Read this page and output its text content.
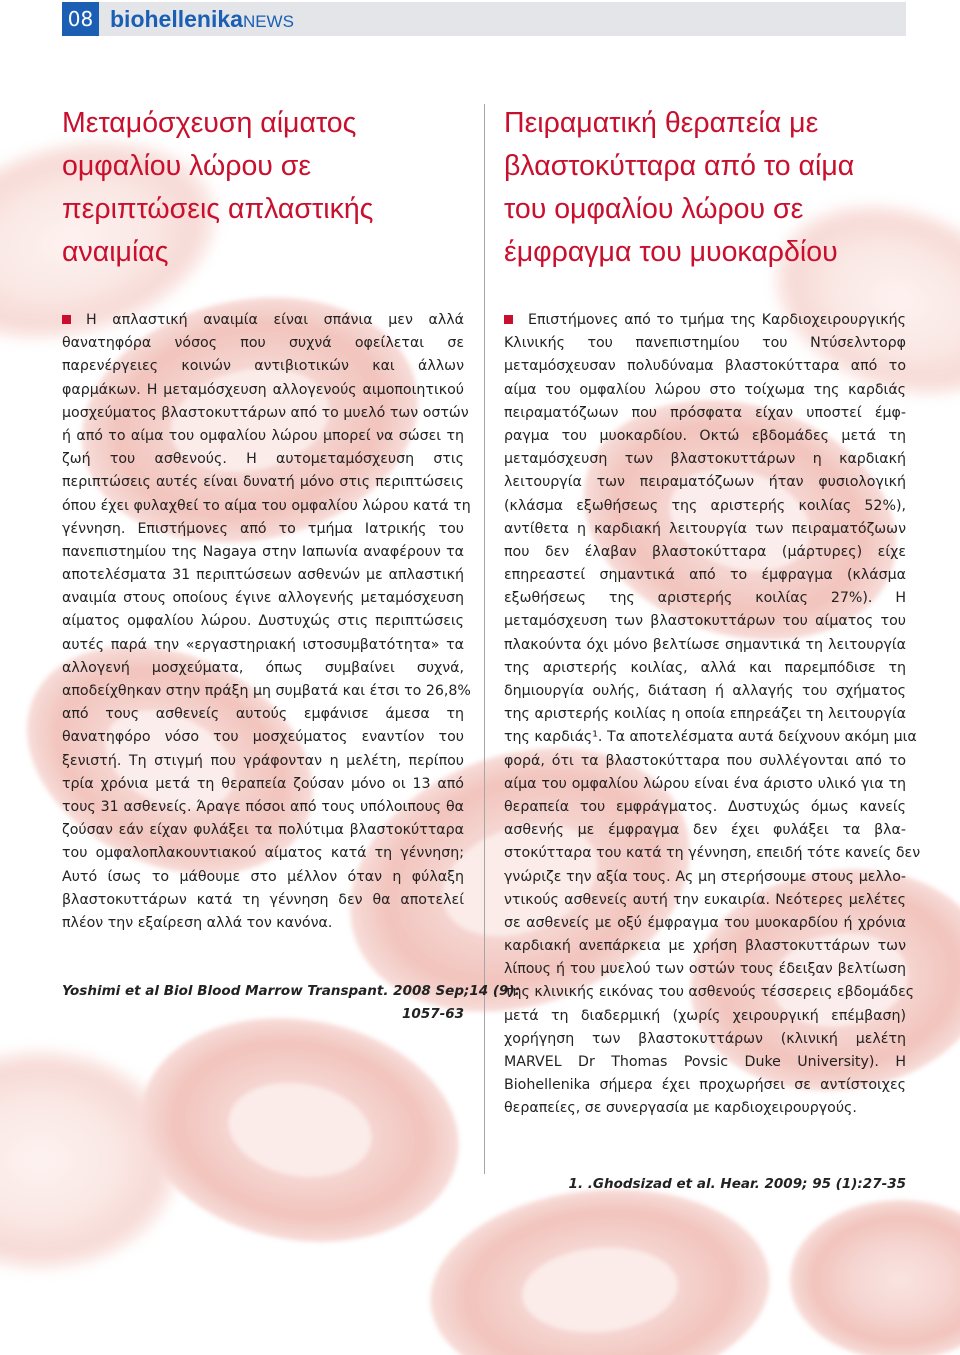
08 biohellenikaNEWS
Μεταμόσχευση αίματος
ομφαλίου λώρου σε
περιπτώσεις απλαστικής
αναιμίας
Πειραματική θεραπεία με
βλαστοκύτταρα από το αίμα
του ομφαλίου λώρου σε
έμφραγμα του μυοκαρδίου
Η απλαστική αναιμία είναι σπάνια μεν αλλά
θανατηφόρα νόσος που συχνά οφείλεται σε
παρενέργειες κοινών αντιβιοτικών και άλλων
φαρμάκων. Η μεταμόσχευση αλλογενούς αιμοποιητικού
μοσχεύματος βλαστοκυττάρων από το μυελό των οστών
ή από το αίμα του ομφαλίου λώρου μπορεί να σώσει τη
ζωή του ασθενούς. Η αυτομεταμόσχευση στις
περιπτώσεις αυτές είναι δυνατή μόνο στις περιπτώσεις
όπου έχει φυλαχθεί το αίμα του ομφαλίου λώρου κατά τη
γέννηση. Επιστήμονες από το τμήμα Ιατρικής του
πανεπιστημίου της Nagaya στην Ιαπωνία αναφέρουν τα
αποτελέσματα 31 περιπτώσεων ασθενών με απλαστική
αναιμία στους οποίους έγινε αλλογενής μεταμόσχευση
αίματος ομφαλίου λώρου. Δυστυχώς στις περιπτώσεις
αυτές παρά την «εργαστηριακή ιστοσυμβατότητα» τα
αλλογενή μοσχεύματα, όπως συμβαίνει συχνά,
αποδείχθηκαν στην πράξη μη συμβατά και έτσι το 26,8%
από τους ασθενείς αυτούς εμφάνισε άμεσα τη
θανατηφόρο νόσο του μοσχεύματος εναντίον του
ξενιστή. Τη στιγμή που γράφονταν η μελέτη, περίπου
τρία χρόνια μετά τη θεραπεία ζούσαν μόνο οι 13 από
τους 31 ασθενείς. Άραγε πόσοι από τους υπόλοιπους θα
ζούσαν εάν είχαν φυλάξει τα πολύτιμα βλαστοκύτταρα
του ομφαλοπλακουντιακού αίματος κατά τη γέννηση;
Αυτό ίσως το μάθουμε στο μέλλον όταν η φύλαξη
βλαστοκυττάρων κατά τη γέννηση δεν θα αποτελεί
πλέον την εξαίρεση αλλά τον κανόνα.
Επιστήμονες από το τμήμα της Καρδιοχειρουργικής
Κλινικής του πανεπιστημίου του Ντύσελντορφ
μεταμόσχευσαν πολυδύναμα βλαστοκύτταρα από το
αίμα του ομφαλίου λώρου στο τοίχωμα της καρδιάς
πειραματόζωων που πρόσφατα είχαν υποστεί έμφ-
ραγμα του μυοκαρδίου. Οκτώ εβδομάδες μετά τη
μεταμόσχευση των βλαστοκυττάρων η καρδιακή
λειτουργία των πειραματόζωων ήταν φυσιολογική
(κλάσμα εξωθήσεως της αριστερής κοιλίας 52%),
αντίθετα η καρδιακή λειτουργία των πειραματόζωων
που δεν έλαβαν βλαστοκύτταρα (μάρτυρες) είχε
επηρεαστεί σημαντικά από το έμφραγμα (κλάσμα
εξωθήσεως της αριστερής κοιλίας 27%). Η
μεταμόσχευση των βλαστοκυττάρων του αίματος του
πλακούντα όχι μόνο βελτίωσε σημαντικά τη λειτουργία
της αριστερής κοιλίας, αλλά και παρεμπόδισε τη
δημιουργία ουλής, διάταση ή αλλαγής του σχήματος
της αριστερής κοιλίας η οποία επηρεάζει τη λειτουργία
της καρδιάς¹. Τα αποτελέσματα αυτά δείχνουν ακόμη μια
φορά, ότι τα βλαστοκύτταρα που συλλέγονται από το
αίμα του ομφαλίου λώρου είναι ένα άριστο υλικό για τη
θεραπεία του εμφράγματος. Δυστυχώς όμως κανείς
ασθενής με έμφραγμα δεν έχει φυλάξει τα βλα-
στοκύτταρα του κατά τη γέννηση, επειδή τότε κανείς δεν
γνώριζε την αξία τους. Ας μη στερήσουμε στους μελλο-
ντικούς ασθενείς αυτή την ευκαιρία. Νεότερες μελέτες
σε ασθενείς με οξύ έμφραγμα του μυοκαρδίου ή χρόνια
καρδιακή ανεπάρκεια με χρήση βλαστοκυττάρων των
λίπους ή του μυελού των οστών τους έδειξαν βελτίωση
της κλινικής εικόνας του ασθενούς τέσσερεις εβδομάδες
μετά τη διαδερμική (χωρίς χειρουργική επέμβαση)
χορήγηση των βλαστοκυττάρων (κλινική μελέτη
MARVEL Dr Thomas Povsic Duke University). Η
Biohellenika σήμερα έχει προχωρήσει σε αντίστοιχες
θεραπείες, σε συνεργασία με καρδιοχειρουργούς.
Yoshimi et al Biol Blood Marrow Transpant. 2008 Sep;14 (9):
1057-63
1. .Ghodsizad et al. Hear. 2009; 95 (1):27-35
